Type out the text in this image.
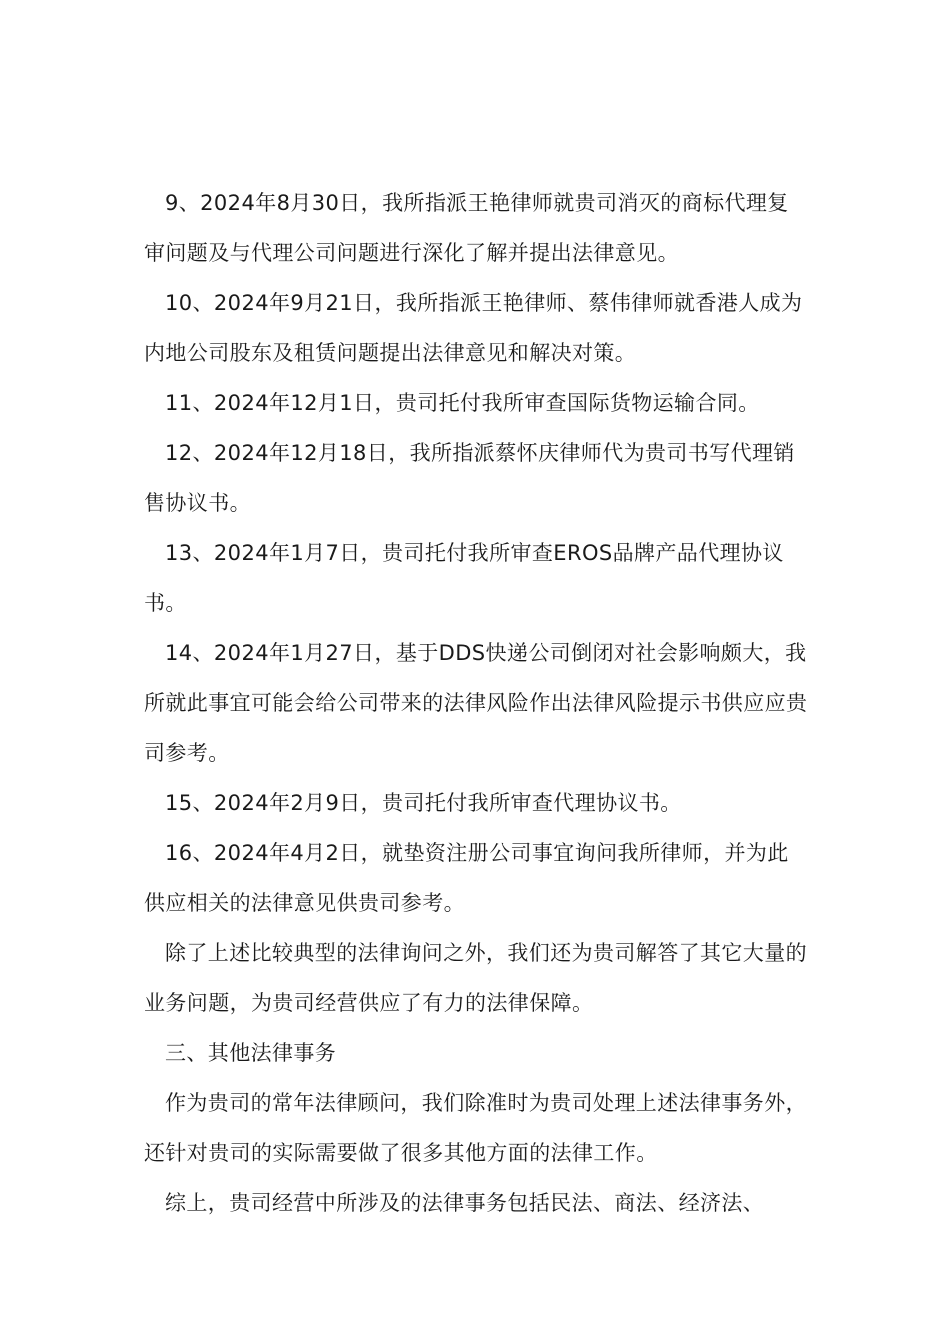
9、2024年8月30日，我所指派王艳律师就贵司消灭的商标代理复审问题及与代理公司问题进行深化了解并提出法律意见。

10、2024年9月21日，我所指派王艳律师、蔡伟律师就香港人成为内地公司股东及租赁问题提出法律意见和解决对策。

11、2024年12月1日，贵司托付我所审查国际货物运输合同。

12、2024年12月18日，我所指派蔡怀庆律师代为贵司书写代理销售协议书。

13、2024年1月7日，贵司托付我所审查EROS品牌产品代理协议书。

14、2024年1月27日，基于DDS快递公司倒闭对社会影响颇大，我所就此事宜可能会给公司带来的法律风险作出法律风险提示书供应应贵司参考。

15、2024年2月9日，贵司托付我所审查代理协议书。

16、2024年4月2日，就垫资注册公司事宜询问我所律师，并为此供应相关的法律意见供贵司参考。

除了上述比较典型的法律询问之外，我们还为贵司解答了其它大量的业务问题，为贵司经营供应了有力的法律保障。

三、其他法律事务

作为贵司的常年法律顾问，我们除准时为贵司处理上述法律事务外，还针对贵司的实际需要做了很多其他方面的法律工作。

综上，贵司经营中所涉及的法律事务包括民法、商法、经济法、
